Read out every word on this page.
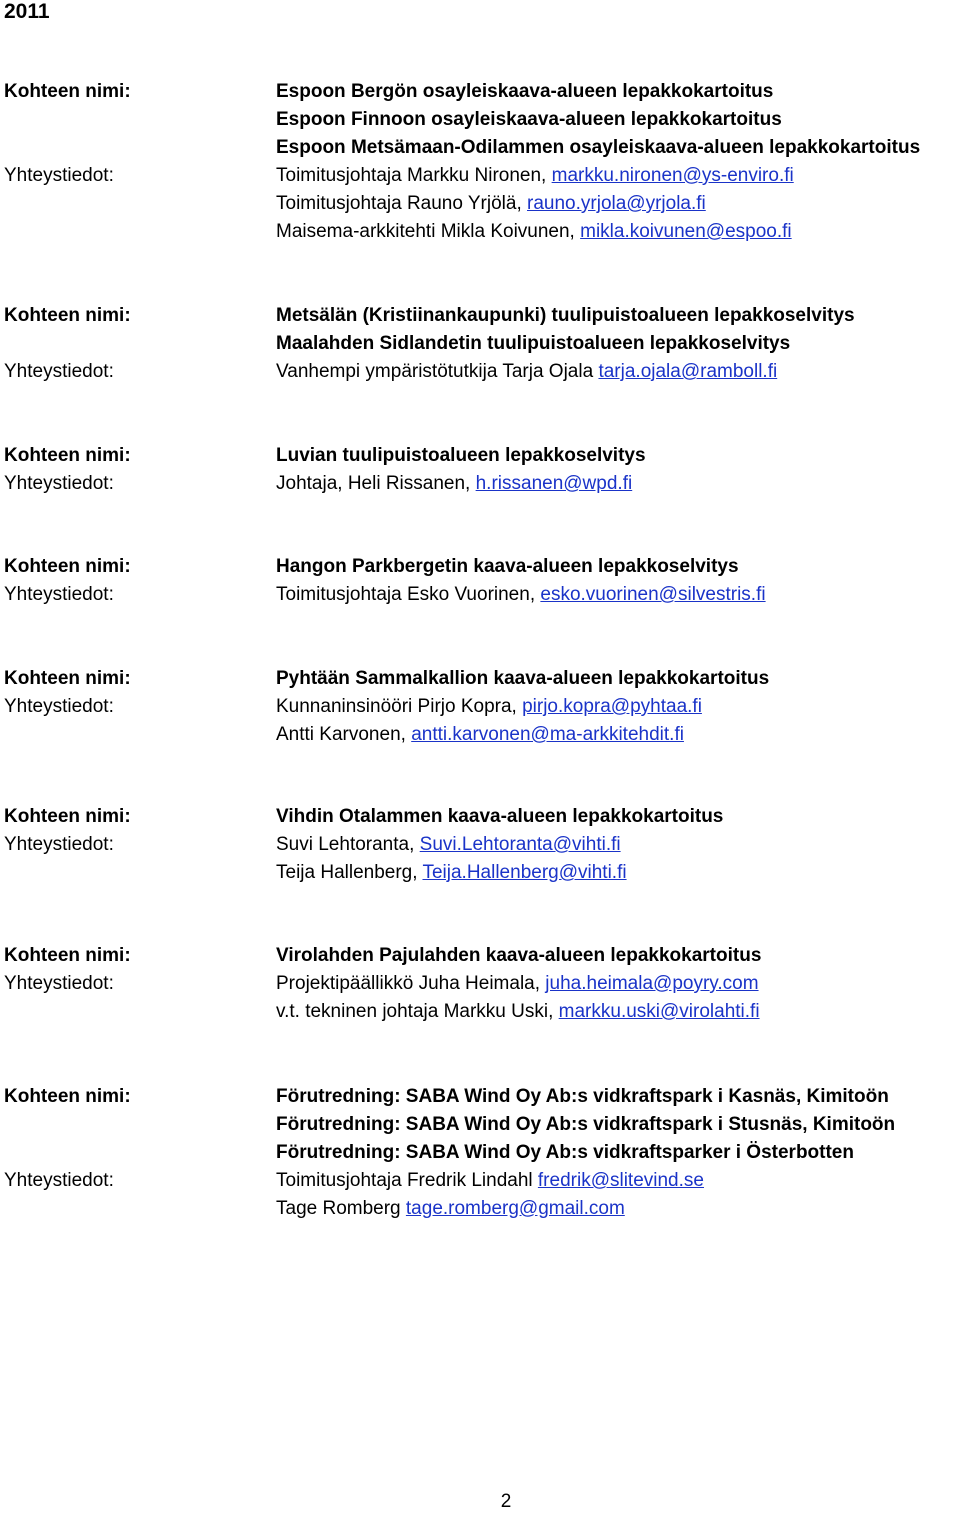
2011
Kohteen nimi:	Espoon Bergön osayleiskaava-alueen lepakkokartoitus
Espoon Finnoon osayleiskaava-alueen lepakkokartoitus
Espoon Metsämaan-Odilammen osayleiskaava-alueen lepakkokartoitus
Yhteystiedot:	Toimitusjohtaja Markku Nironen, markku.nironen@ys-enviro.fi
Toimitusjohtaja Rauno Yrjölä, rauno.yrjola@yrjola.fi
Maisema-arkkitehti Mikla Koivunen, mikla.koivunen@espoo.fi
Kohteen nimi:	Metsälän (Kristiinankaupunki) tuulipuistoalueen lepakkoselvitys
Maalahden Sidlandetin tuulipuistoalueen lepakkoselvitys
Yhteystiedot:	Vanhempi ympäristötutkija Tarja Ojala tarja.ojala@ramboll.fi
Kohteen nimi:	Luvian tuulipuistoalueen lepakkoselvitys
Yhteystiedot:	Johtaja, Heli Rissanen, h.rissanen@wpd.fi
Kohteen nimi:	Hangon Parkbergetin kaava-alueen lepakkoselvitys
Yhteystiedot:	Toimitusjohtaja Esko Vuorinen, esko.vuorinen@silvestris.fi
Kohteen nimi:	Pyhtään Sammalkallion kaava-alueen lepakkokartoitus
Yhteystiedot:	Kunnaninsinööri Pirjo Kopra, pirjo.kopra@pyhtaa.fi
Antti Karvonen, antti.karvonen@ma-arkkitehdit.fi
Kohteen nimi:	Vihdin Otalammen kaava-alueen lepakkokartoitus
Yhteystiedot:	Suvi Lehtoranta, Suvi.Lehtoranta@vihti.fi
Teija Hallenberg, Teija.Hallenberg@vihti.fi
Kohteen nimi:	Virolahden Pajulahden kaava-alueen lepakkokartoitus
Yhteystiedot:	Projektipäällikkö Juha Heimala, juha.heimala@poyry.com
v.t. tekninen johtaja Markku Uski, markku.uski@virolahti.fi
Kohteen nimi:	Förutredning: SABA Wind Oy Ab:s vidkraftspark i Kasnäs, Kimitoön
Förutredning: SABA Wind Oy Ab:s vidkraftspark i Stusnäs, Kimitoön
Förutredning: SABA Wind Oy Ab:s vidkraftsparker i Österbotten
Yhteystiedot:	Toimitusjohtaja Fredrik Lindahl fredrik@slitevind.se
Tage Romberg tage.romberg@gmail.com
2
